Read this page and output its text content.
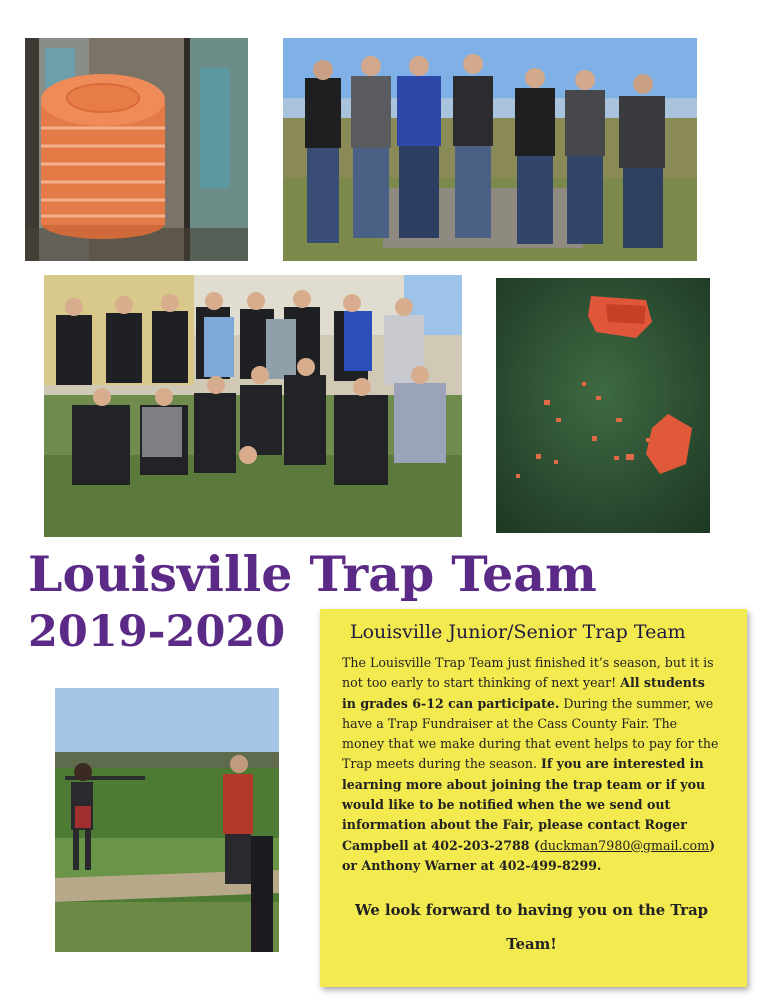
Louisville Trap Team
2019-2020	Louisville Junior/Senior Trap Team

The Louisville Trap Team just finished it’s season, but it is not too early to start thinking of next year! All students in grades 6-12 can participate. During the summer, we have a Trap Fundraiser at the Cass County Fair. The money that we make during that event helps to pay for the Trap meets during the season. If you are interested in learning more about joining the trap team or if you would like to be notified when the we send out information about the Fair, please contact Roger Campbell at 402-203-2788 (duckman7980@gmail.com) or Anthony Warner at 402-499-8299.

We look forward to having you on the Trap Team!
